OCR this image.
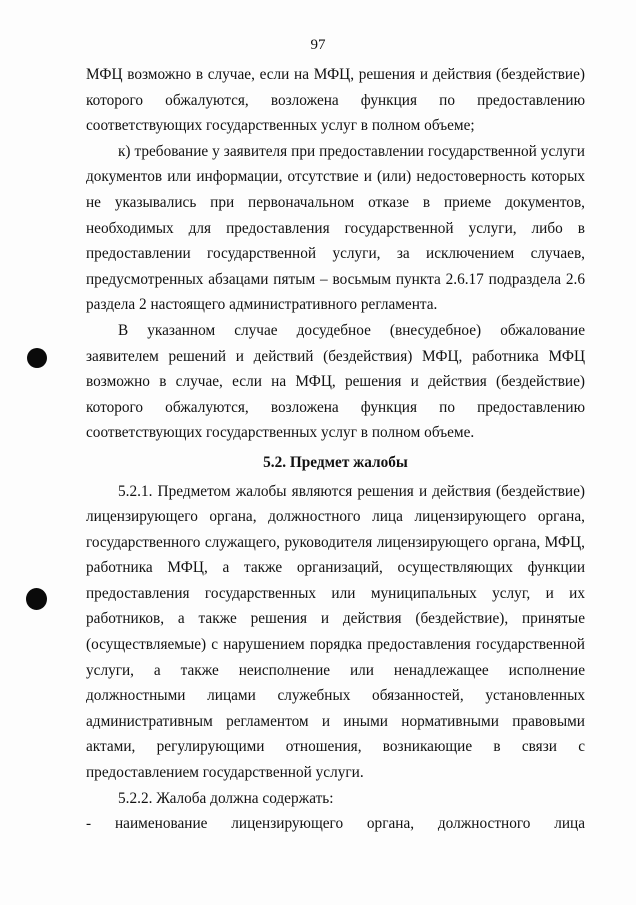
97

МФЦ возможно в случае, если на МФЦ, решения и действия (бездействие) которого обжалуются, возложена функция по предоставлению соответствующих государственных услуг в полном объеме;

к) требование у заявителя при предоставлении государственной услуги документов или информации, отсутствие и (или) недостоверность которых не указывались при первоначальном отказе в приеме документов, необходимых для предоставления государственной услуги, либо в предоставлении государственной услуги, за исключением случаев, предусмотренных абзацами пятым – восьмым пункта 2.6.17 подраздела 2.6 раздела 2 настоящего административного регламента.

В указанном случае досудебное (внесудебное) обжалование заявителем решений и действий (бездействия) МФЦ, работника МФЦ возможно в случае, если на МФЦ, решения и действия (бездействие) которого обжалуются, возложена функция по предоставлению соответствующих государственных услуг в полном объеме.

5.2. Предмет жалобы

5.2.1. Предметом жалобы являются решения и действия (бездействие) лицензирующего органа, должностного лица лицензирующего органа, государственного служащего, руководителя лицензирующего органа, МФЦ, работника МФЦ, а также организаций, осуществляющих функции предоставления государственных или муниципальных услуг, и их работников, а также решения и действия (бездействие), принятые (осуществляемые) с нарушением порядка предоставления государственной услуги, а также неисполнение или ненадлежащее исполнение должностными лицами служебных обязанностей, установленных административным регламентом и иными нормативными правовыми актами, регулирующими отношения, возникающие в связи с предоставлением государственной услуги.

5.2.2. Жалоба должна содержать:

-	наименование лицензирующего органа, должностного лица
